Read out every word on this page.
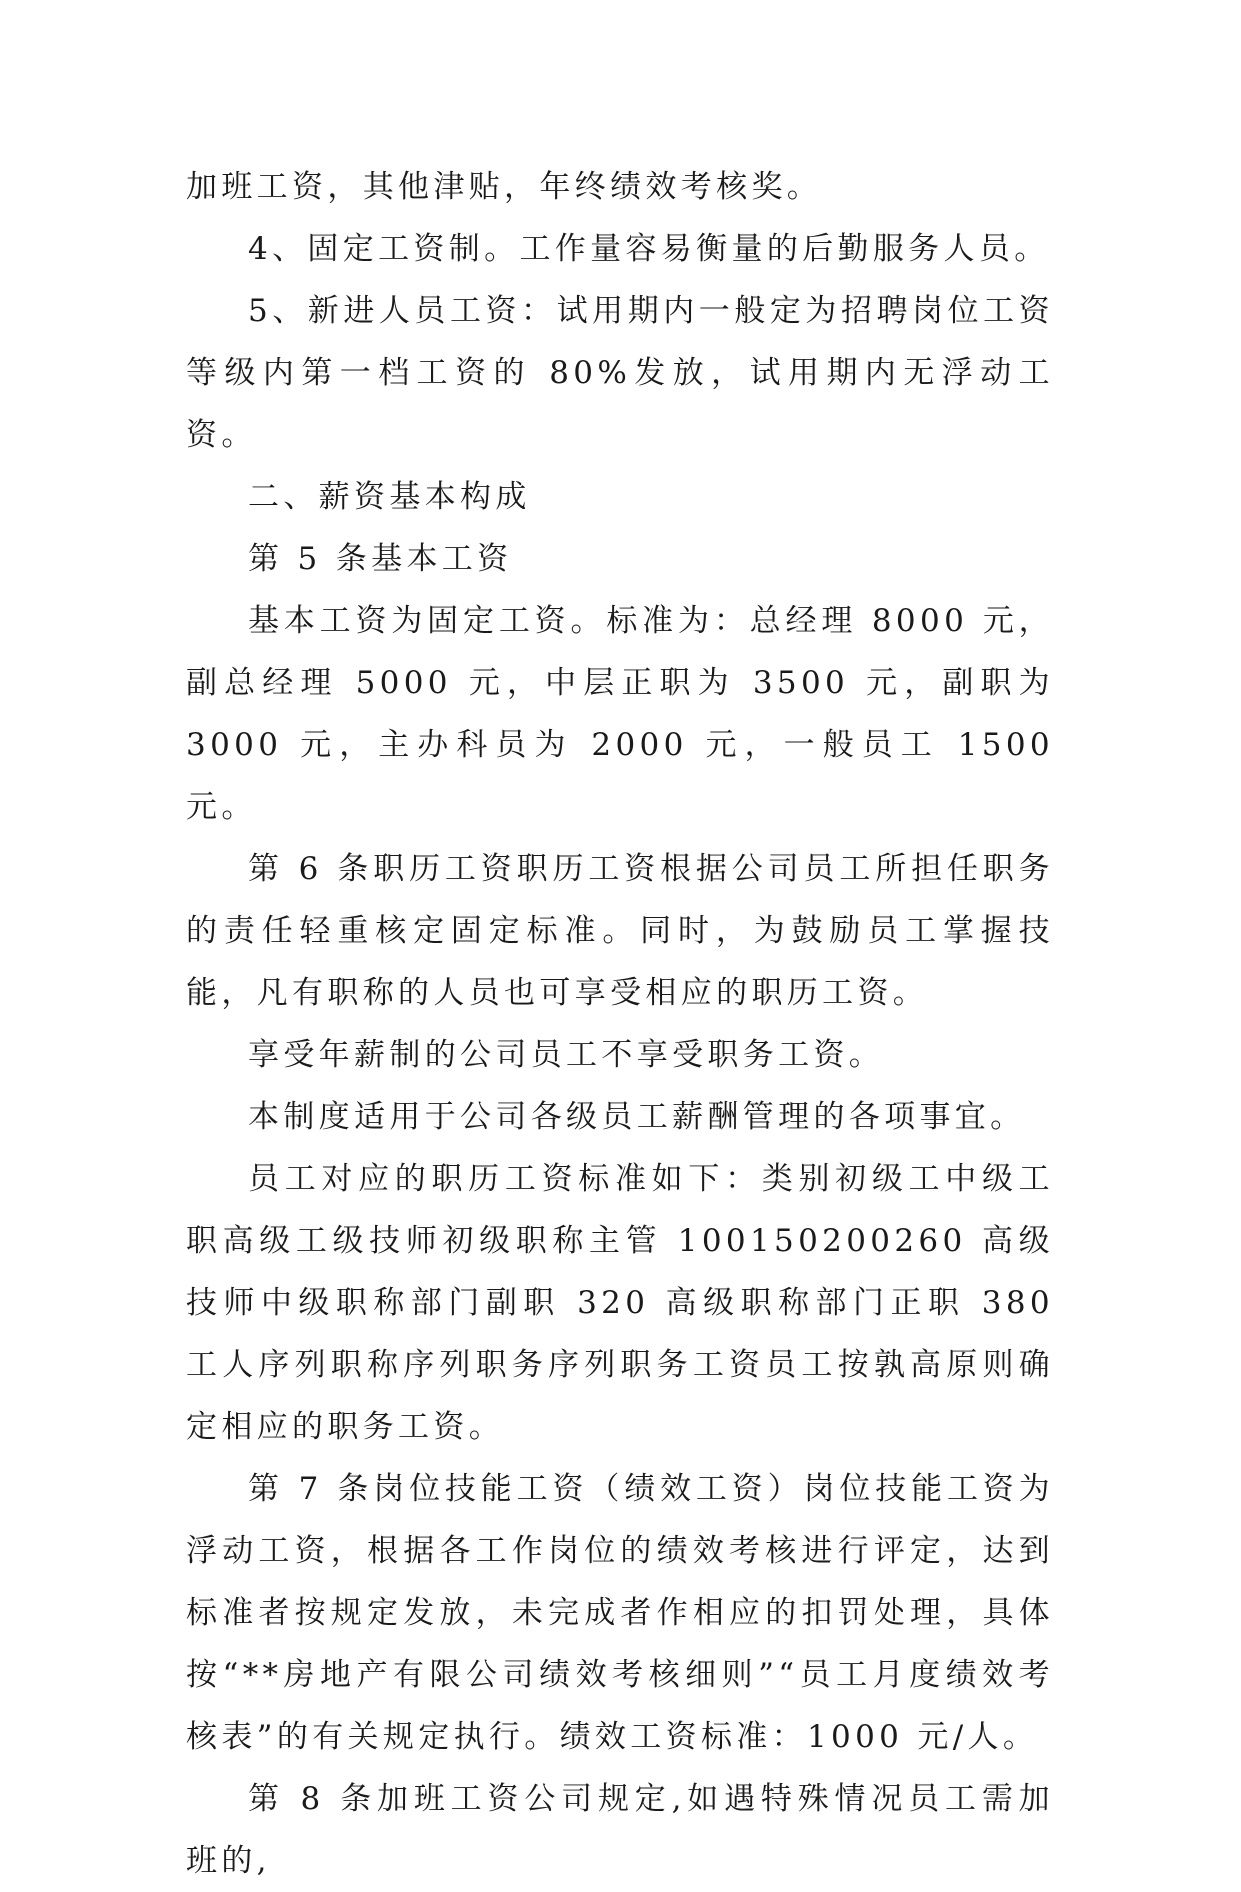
加班工资，其他津贴，年终绩效考核奖。

4、固定工资制。工作量容易衡量的后勤服务人员。

5、新进人员工资：试用期内一般定为招聘岗位工资等级内第一档工资的 80%发放，试用期内无浮动工资。

二、薪资基本构成

第 5 条基本工资

基本工资为固定工资。标准为：总经理 8000 元，副总经理 5000 元，中层正职为 3500 元，副职为 3000 元，主办科员为 2000 元，一般员工 1500 元。

第 6 条职历工资职历工资根据公司员工所担任职务的责任轻重核定固定标准。同时，为鼓励员工掌握技能，凡有职称的人员也可享受相应的职历工资。

享受年薪制的公司员工不享受职务工资。

本制度适用于公司各级员工薪酬管理的各项事宜。

员工对应的职历工资标准如下：类别初级工中级工职高级工级技师初级职称主管 100150200260 高级技师中级职称部门副职 320 高级职称部门正职 380 工人序列职称序列职务序列职务工资员工按孰高原则确定相应的职务工资。

第 7 条岗位技能工资（绩效工资）岗位技能工资为浮动工资，根据各工作岗位的绩效考核进行评定，达到标准者按规定发放，未完成者作相应的扣罚处理，具体按“**房地产有限公司绩效考核细则”“员工月度绩效考核表”的有关规定执行。绩效工资标准：1000 元/人。

第 8 条加班工资公司规定,如遇特殊情况员工需加班的,
